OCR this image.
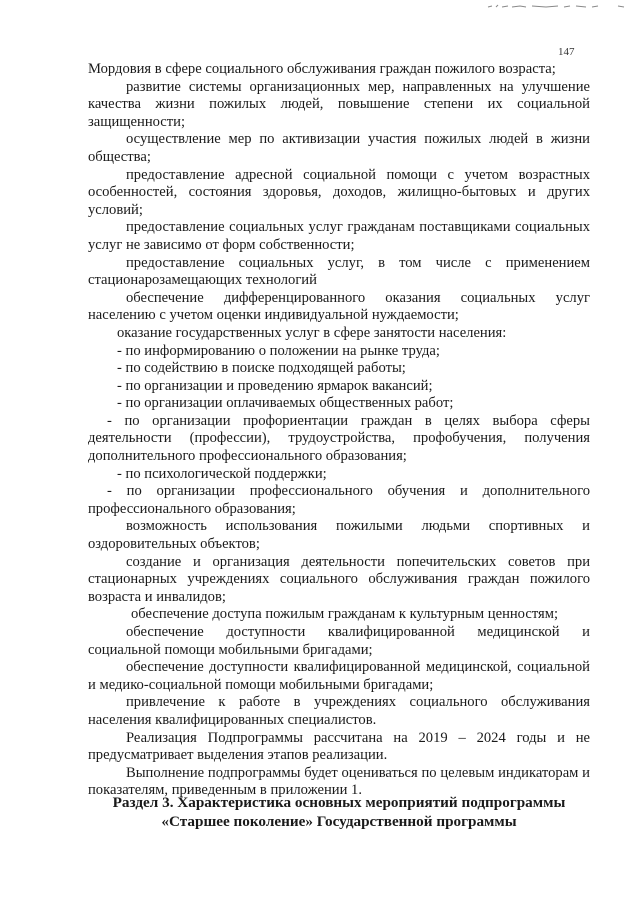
147

Мордовия в сфере социального обслуживания граждан пожилого возраста;

развитие системы организационных мер, направленных на улучшение качества жизни пожилых людей, повышение степени их социальной защищенности;

осуществление мер по активизации участия пожилых людей в жизни общества;

предоставление адресной социальной помощи с учетом возрастных особенностей, состояния здоровья, доходов, жилищно-бытовых и других условий;

предоставление социальных услуг гражданам поставщиками социальных услуг не зависимо от форм собственности;

предоставление социальных услуг, в том числе с применением стационарозамещающих технологий

обеспечение дифференцированного оказания социальных услуг населению с учетом оценки индивидуальной нуждаемости;

оказание государственных услуг в сфере занятости населения:

- по информированию о положении на рынке труда;

- по содействию в поиске подходящей работы;

- по организации и проведению ярмарок вакансий;

- по организации оплачиваемых общественных работ;

- по организации профориентации граждан в целях выбора сферы деятельности (профессии), трудоустройства, профобучения, получения дополнительного профессионального образования;

- по психологической поддержки;

- по организации профессионального обучения и дополнительного профессионального образования;

возможность использования пожилыми людьми спортивных и оздоровительных объектов;

создание и организация деятельности попечительских советов при стационарных учреждениях социального обслуживания граждан пожилого возраста и инвалидов;

обеспечение доступа пожилым гражданам к культурным ценностям;

обеспечение доступности квалифицированной медицинской и социальной помощи мобильными бригадами;

обеспечение доступности квалифицированной медицинской, социальной и медико-социальной помощи мобильными бригадами;

привлечение к работе в учреждениях социального обслуживания населения квалифицированных специалистов.

Реализация Подпрограммы рассчитана на 2019 – 2024 годы и не предусматривает выделения этапов реализации.

Выполнение подпрограммы будет оцениваться по целевым индикаторам и показателям, приведенным в приложении 1.

Раздел 3. Характеристика основных мероприятий подпрограммы
«Старшее поколение» Государственной программы
